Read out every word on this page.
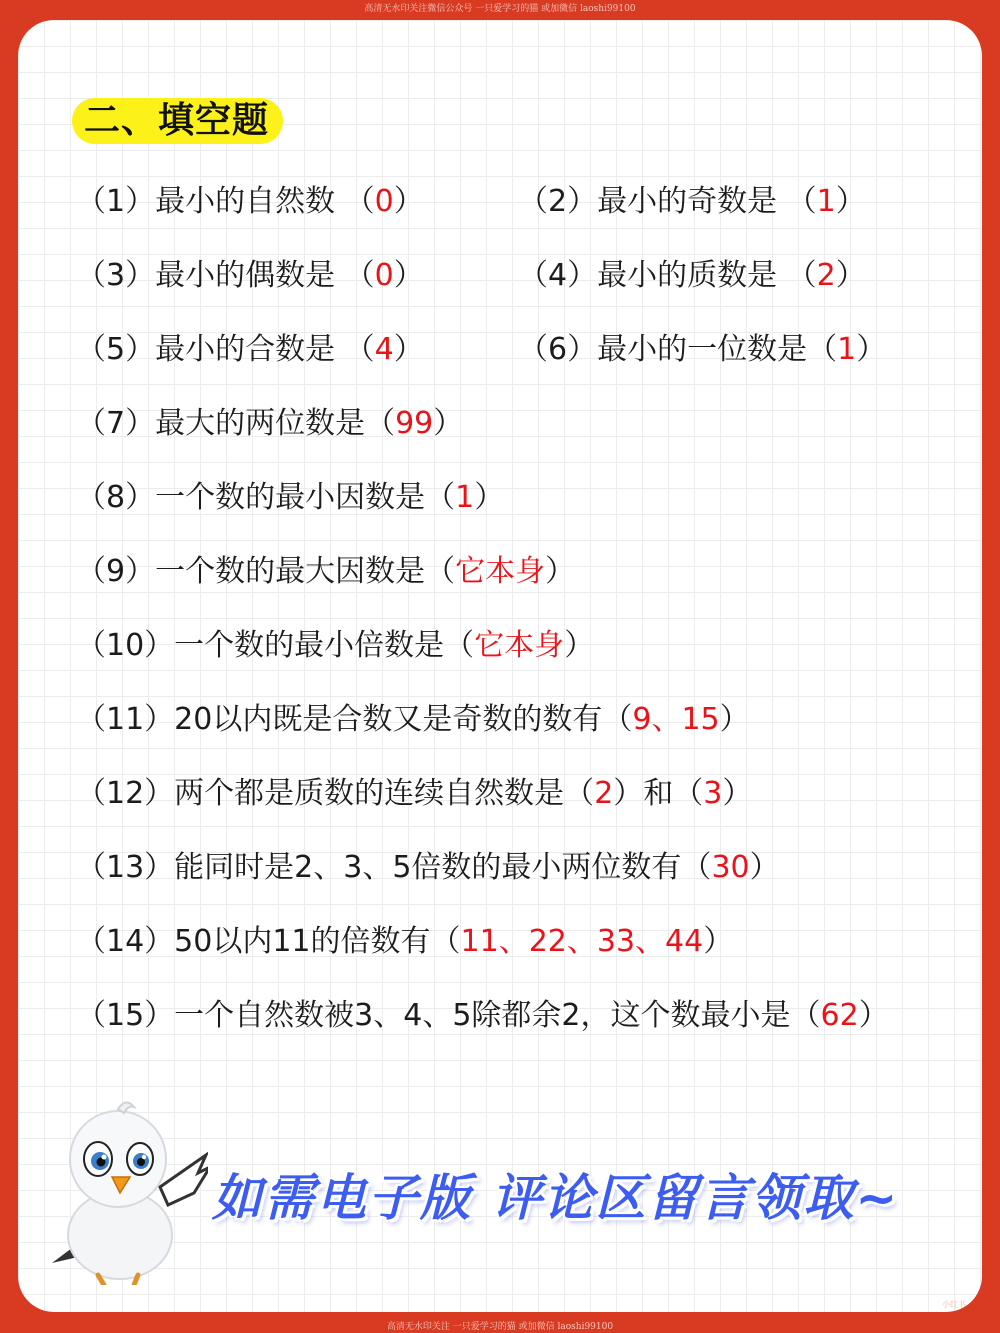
高清无水印关注微信公众号 一只爱学习的猫 或加微信 laoshi99100
二、填空题
（1）最小的自然数 （0）	（2）最小的奇数是 （1）
（3）最小的偶数是 （0）	（4）最小的质数是 （2）
（5）最小的合数是 （4）	（6）最小的一位数是（1）
（7）最大的两位数是（99）
（8）一个数的最小因数是（1）
（9）一个数的最大因数是（它本身）
（10）一个数的最小倍数是（它本身）
（11）20以内既是合数又是奇数的数有（9、15）
（12）两个都是质数的连续自然数是（2）和（3）
（13）能同时是2、3、5倍数的最小两位数有（30）
（14）50以内11的倍数有（11、22、33、44）
（15）一个自然数被3、4、5除都余2，这个数最小是（62）
如需电子版 评论区留言领取~
高清无水印关注 一只爱学习的猫 或加微信 laoshi99100
小红书
